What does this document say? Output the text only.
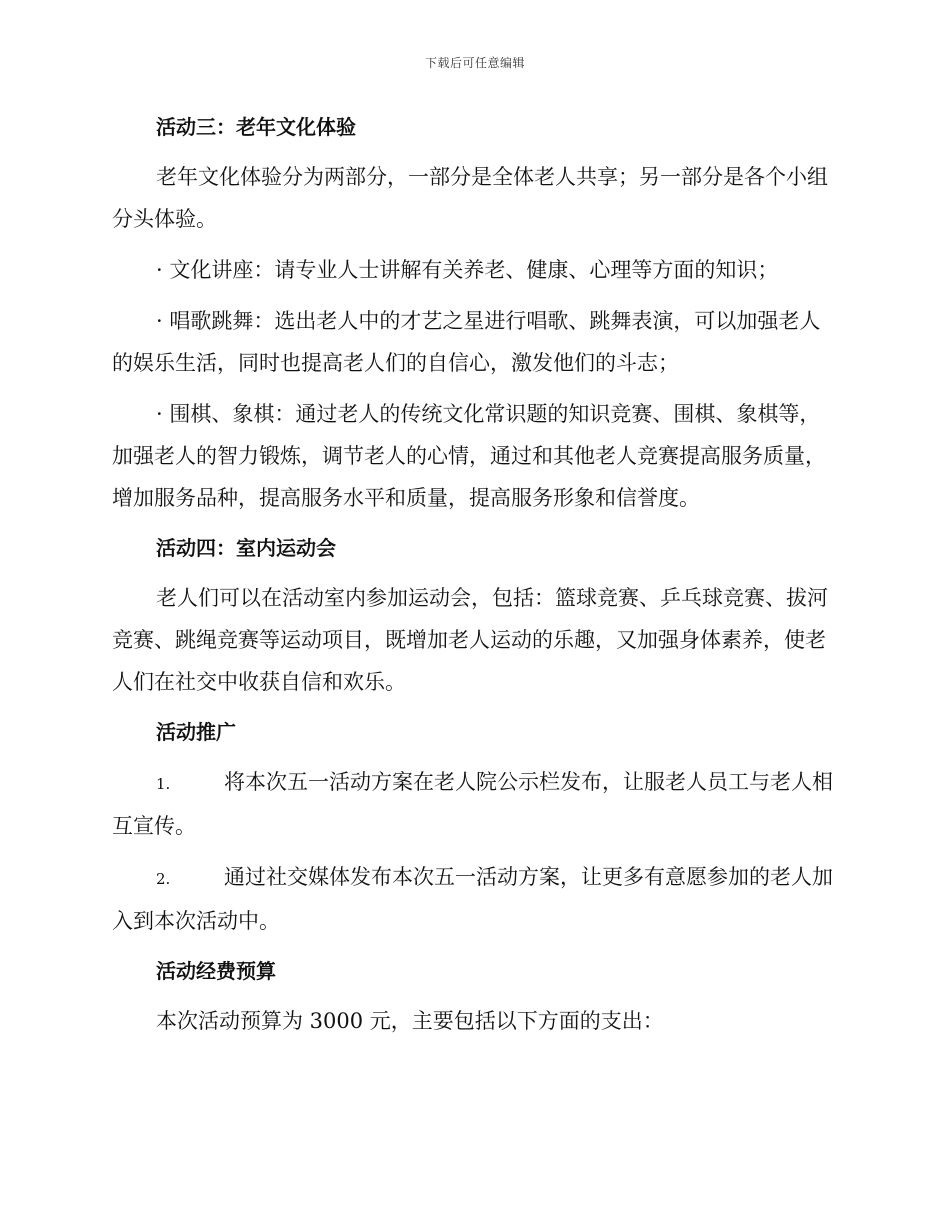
下载后可任意编辑
活动三：老年文化体验

老年文化体验分为两部分，一部分是全体老人共享；另一部分是各个小组分头体验。

· 文化讲座：请专业人士讲解有关养老、健康、心理等方面的知识；

· 唱歌跳舞：选出老人中的才艺之星进行唱歌、跳舞表演，可以加强老人的娱乐生活，同时也提高老人们的自信心，激发他们的斗志；

· 围棋、象棋：通过老人的传统文化常识题的知识竞赛、围棋、象棋等，加强老人的智力锻炼，调节老人的心情，通过和其他老人竞赛提高服务质量，增加服务品种，提高服务水平和质量，提高服务形象和信誉度。

活动四：室内运动会

老人们可以在活动室内参加运动会，包括：篮球竞赛、乒乓球竞赛、拔河竞赛、跳绳竞赛等运动项目，既增加老人运动的乐趣，又加强身体素养，使老人们在社交中收获自信和欢乐。

活动推广

1.	将本次五一活动方案在老人院公示栏发布，让服老人员工与老人相互宣传。

2.	通过社交媒体发布本次五一活动方案，让更多有意愿参加的老人加入到本次活动中。

活动经费预算

本次活动预算为 3000 元，主要包括以下方面的支出：
